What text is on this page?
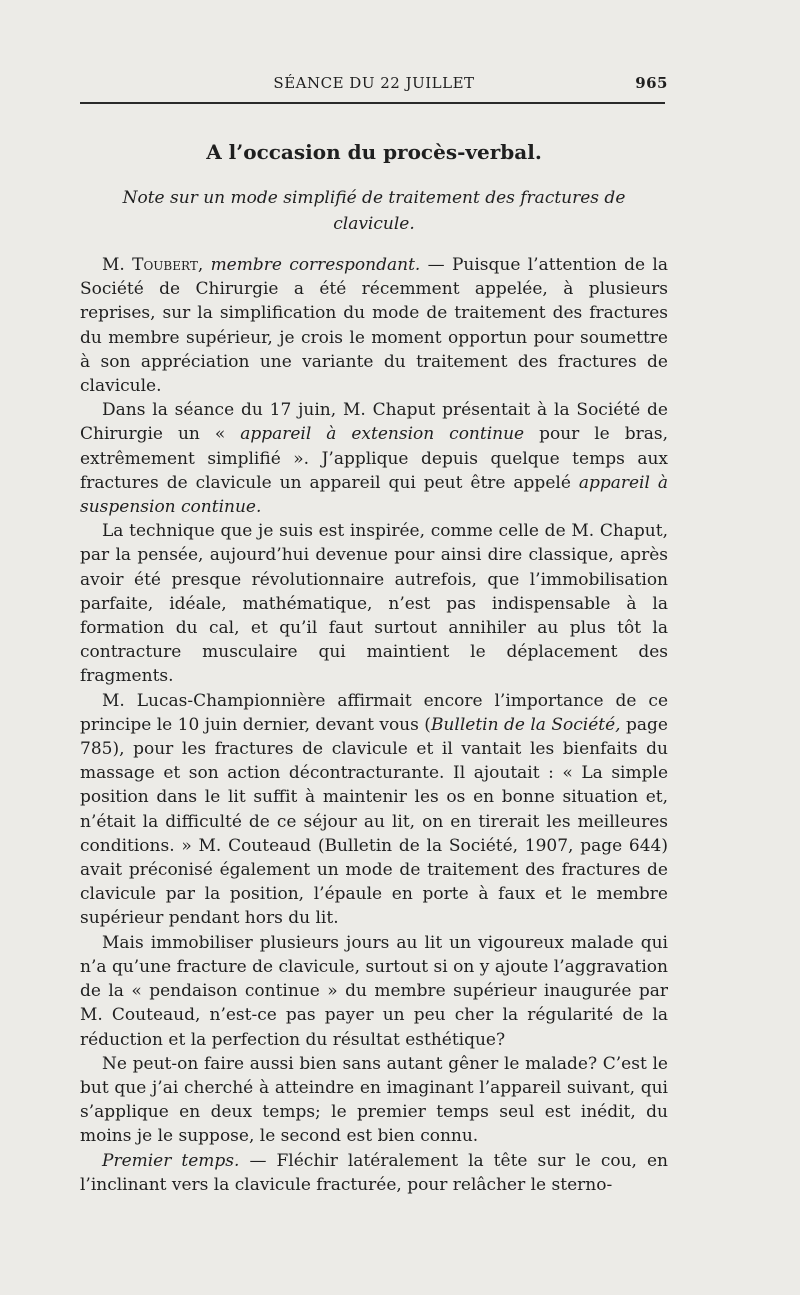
SÉANCE DU 22 JUILLET	965
A l’occasion du procès-verbal.
Note sur un mode simplifié de traitement des fractures de clavicule.

M. Toubert, membre correspondant. — Puisque l’attention de la Société de Chirurgie a été récemment appelée, à plusieurs reprises, sur la simplification du mode de traitement des fractures du membre supérieur, je crois le moment opportun pour soumettre à son appréciation une variante du traitement des fractures de clavicule.

Dans la séance du 17 juin, M. Chaput présentait à la Société de Chirurgie un « appareil à extension continue pour le bras, extrêmement simplifié ». J’applique depuis quelque temps aux fractures de clavicule un appareil qui peut être appelé appareil à suspension continue.

La technique que je suis est inspirée, comme celle de M. Chaput, par la pensée, aujourd’hui devenue pour ainsi dire classique, après avoir été presque révolutionnaire autrefois, que l’immobilisation parfaite, idéale, mathématique, n’est pas indispensable à la formation du cal, et qu’il faut surtout annihiler au plus tôt la contracture musculaire qui maintient le déplacement des fragments.

M. Lucas-Championnière affirmait encore l’importance de ce principe le 10 juin dernier, devant vous (Bulletin de la Société, page 785), pour les fractures de clavicule et il vantait les bienfaits du massage et son action décontracturante. Il ajoutait : « La simple position dans le lit suffit à maintenir les os en bonne situation et, n’était la difficulté de ce séjour au lit, on en tirerait les meilleures conditions. » M. Couteaud (Bulletin de la Société, 1907, page 644) avait préconisé également un mode de traitement des fractures de clavicule par la position, l’épaule en porte à faux et le membre supérieur pendant hors du lit.

Mais immobiliser plusieurs jours au lit un vigoureux malade qui n’a qu’une fracture de clavicule, surtout si on y ajoute l’aggravation de la « pendaison continue » du membre supérieur inaugurée par M. Couteaud, n’est-ce pas payer un peu cher la régularité de la réduction et la perfection du résultat esthétique?

Ne peut-on faire aussi bien sans autant gêner le malade? C’est le but que j’ai cherché à atteindre en imaginant l’appareil suivant, qui s’applique en deux temps; le premier temps seul est inédit, du moins je le suppose, le second est bien connu.

Premier temps. — Fléchir latéralement la tête sur le cou, en l’inclinant vers la clavicule fracturée, pour relâcher le sterno-
